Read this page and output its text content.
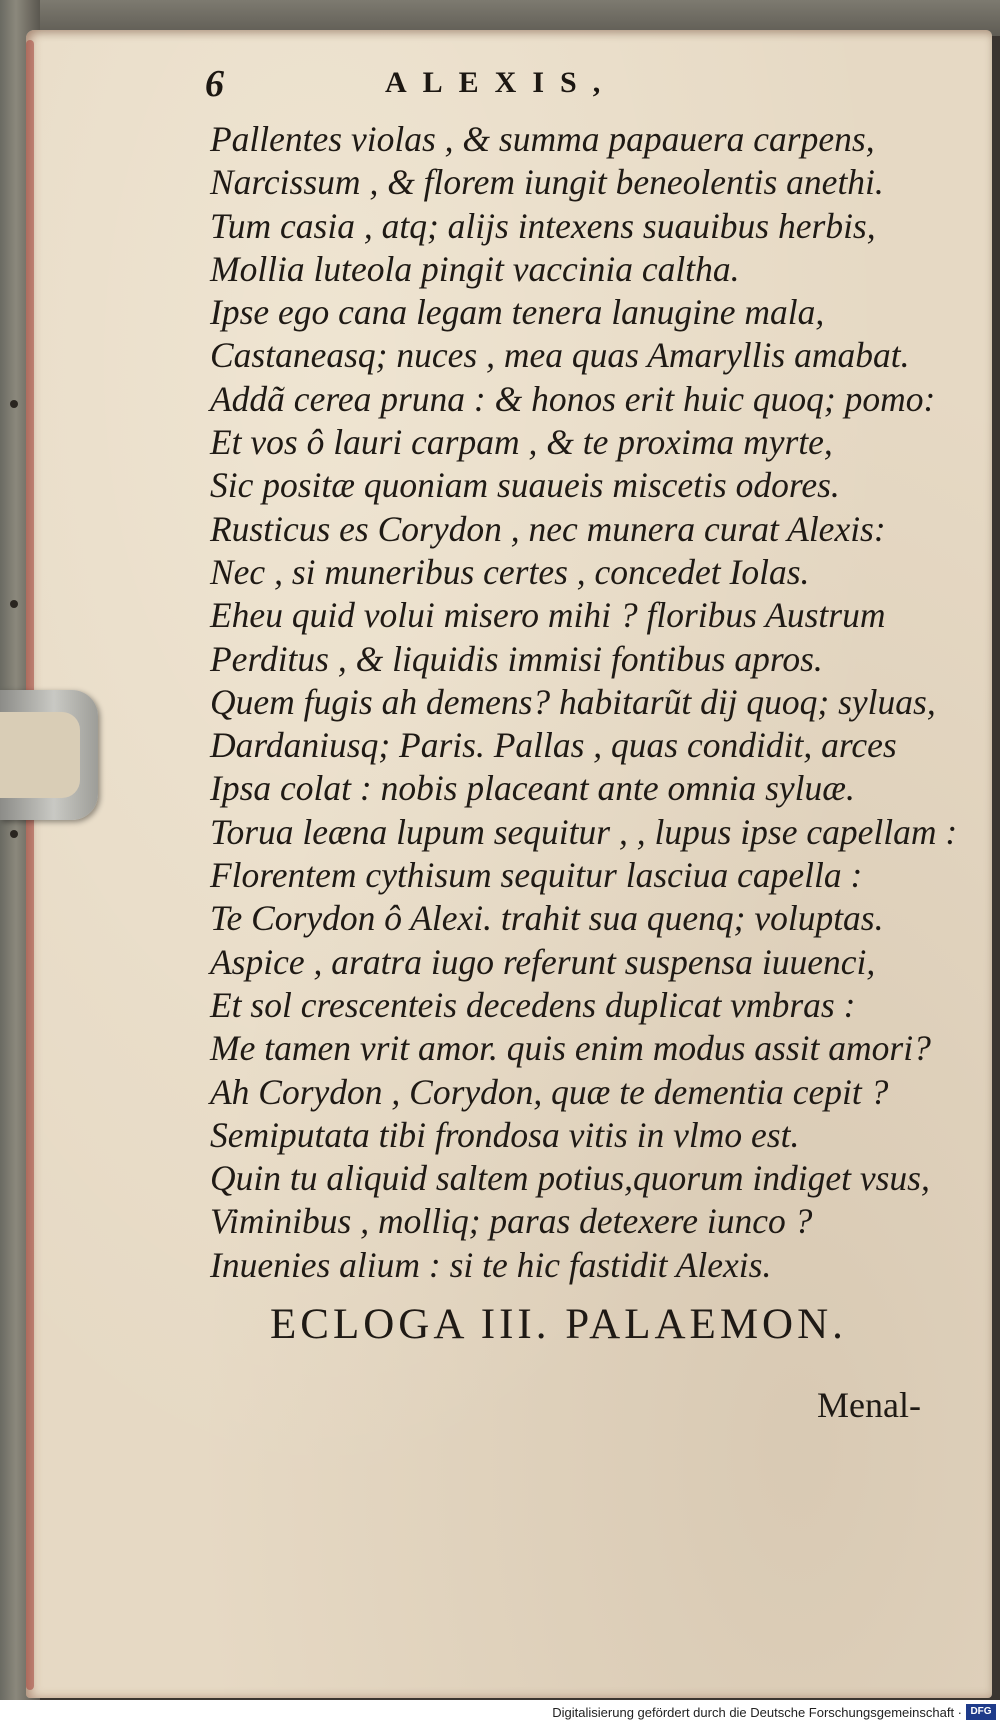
6	ALEXIS,
Pallentes violas , & summa papauera carpens,
Narcissum , & florem iungit beneolentis anethi.
Tum casia , atq; alijs intexens suauibus herbis,
Mollia luteola pingit vaccinia caltha.
Ipse ego cana legam tenera lanugine mala,
Castaneasq; nuces , mea quas Amaryllis amabat.
Addã cerea pruna : & honos erit huic quoq; pomo:
Et vos ô lauri carpam , & te proxima myrte,
Sic positæ quoniam suaueis miscetis odores.
Rusticus es Corydon , nec munera curat Alexis:
Nec , si muneribus certes , concedet Iolas.
Eheu quid volui misero mihi ? floribus Austrum
Perditus , & liquidis immisi fontibus apros.
Quem fugis ah demens? habitarũt dij quoq; syluas,
Dardaniusq; Paris. Pallas , quas condidit, arces
Ipsa colat : nobis placeant ante omnia syluæ.
Torua leæna lupum sequitur , , lupus ipse capellam :
Florentem cythisum sequitur lasciua capella :
Te Corydon ô Alexi. trahit sua quenq; voluptas.
Aspice , aratra iugo referunt suspensa iuuenci,
Et sol crescenteis decedens duplicat vmbras :
Me tamen vrit amor. quis enim modus assit amori?
Ah Corydon , Corydon, quæ te dementia cepit ?
Semiputata tibi frondosa vitis in vlmo est.
Quin tu aliquid saltem potius,quorum indiget vsus,
Viminibus , molliq; paras detexere iunco ?
Inuenies alium : si te hic fastidit Alexis.
ECLOGA III. PALAEMON.
Menal-
Digitalisierung gefördert durch die Deutsche Forschungsgemeinschaft · DFG
